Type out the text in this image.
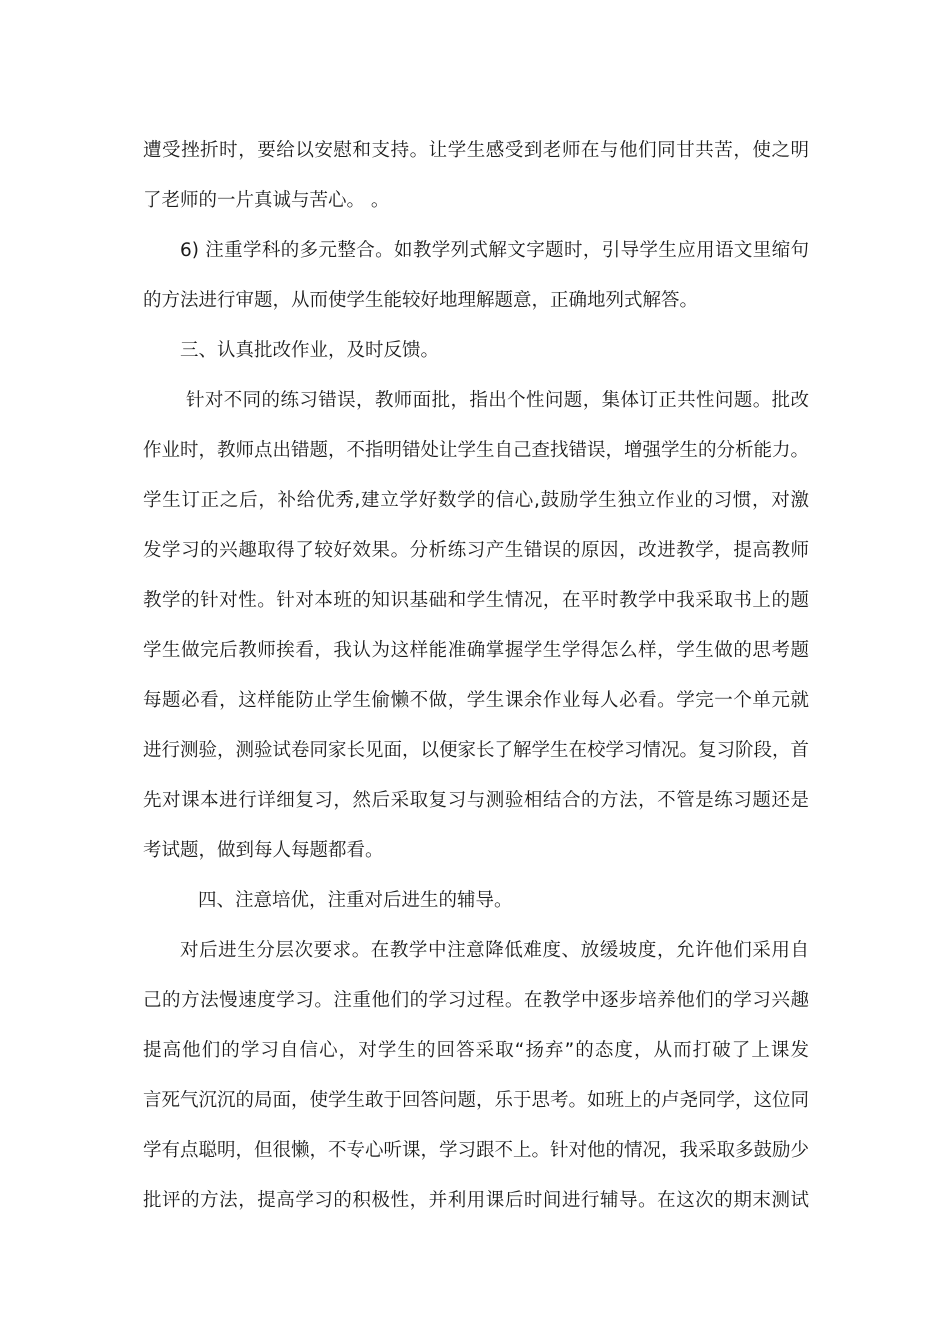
遭受挫折时，要给以安慰和支持。让学生感受到老师在与他们同甘共苦，使之明
了老师的一片真诚与苦心。 。
6) 注重学科的多元整合。如教学列式解文字题时，引导学生应用语文里缩句
的方法进行审题，从而使学生能较好地理解题意，正确地列式解答。
三、认真批改作业，及时反馈。
针对不同的练习错误，教师面批，指出个性问题，集体订正共性问题。批改
作业时，教师点出错题，不指明错处让学生自己查找错误，增强学生的分析能力。
学生订正之后，补给优秀,建立学好数学的信心,鼓励学生独立作业的习惯，对激
发学习的兴趣取得了较好效果。分析练习产生错误的原因，改进教学，提高教师
教学的针对性。针对本班的知识基础和学生情况，在平时教学中我采取书上的题
学生做完后教师挨看，我认为这样能准确掌握学生学得怎么样，学生做的思考题
每题必看，这样能防止学生偷懒不做，学生课余作业每人必看。学完一个单元就
进行测验，测验试卷同家长见面，以便家长了解学生在校学习情况。复习阶段，首
先对课本进行详细复习，然后采取复习与测验相结合的方法，不管是练习题还是
考试题，做到每人每题都看。
四、注意培优，注重对后进生的辅导。
对后进生分层次要求。在教学中注意降低难度、放缓坡度，允许他们采用自
己的方法慢速度学习。注重他们的学习过程。在教学中逐步培养他们的学习兴趣
提高他们的学习自信心，对学生的回答采取“扬弃”的态度，从而打破了上课发
言死气沉沉的局面，使学生敢于回答问题，乐于思考。如班上的卢尧同学，这位同
学有点聪明，但很懒，不专心听课，学习跟不上。针对他的情况，我采取多鼓励少
批评的方法，提高学习的积极性，并利用课后时间进行辅导。在这次的期末测试
